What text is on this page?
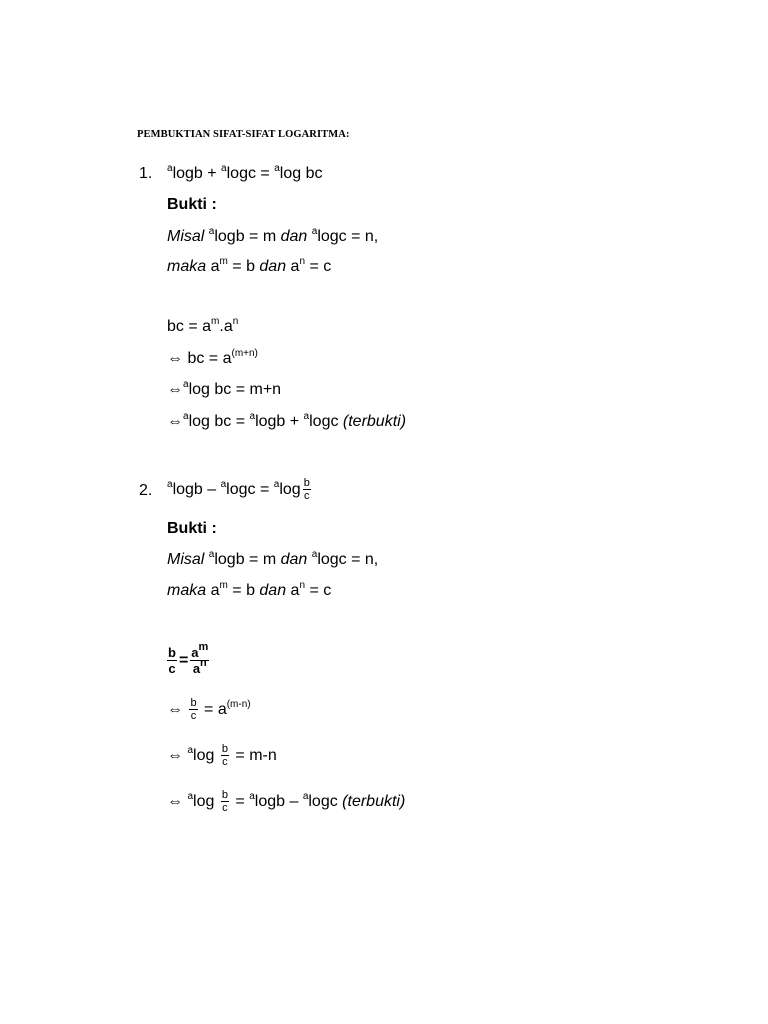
PEMBUKTIAN SIFAT-SIFAT LOGARITMA:
1. $^a$logb + $^a$logc = $^a$log bc
Bukti :
Misal $^a$logb = m dan $^a$logc = n,
maka $a^m = b$ dan $a^n = c$
bc = $a^m.a^n$
⇔ bc = $a^{(m+n)}$
⇔$^a$log bc = m+n
⇔$^a$log bc = $^a$logb + $^a$logc (terbukti)
2. $^a\log b - ^a\log c = ^a\log \frac{b}{c}$
Bukti :
Misal $^a$logb = m dan $^a$logc = n,
maka $a^m = b$ dan $a^n = c$
$\frac{b}{c} = \frac{a^m}{a^n}$
⇔ $\frac{b}{c} = a^{(m-n)}$
⇔ $^a\log \frac{b}{c} = m-n$
⇔ $^a\log \frac{b}{c} = ^a\log b - ^a\log c$ (terbukti)
